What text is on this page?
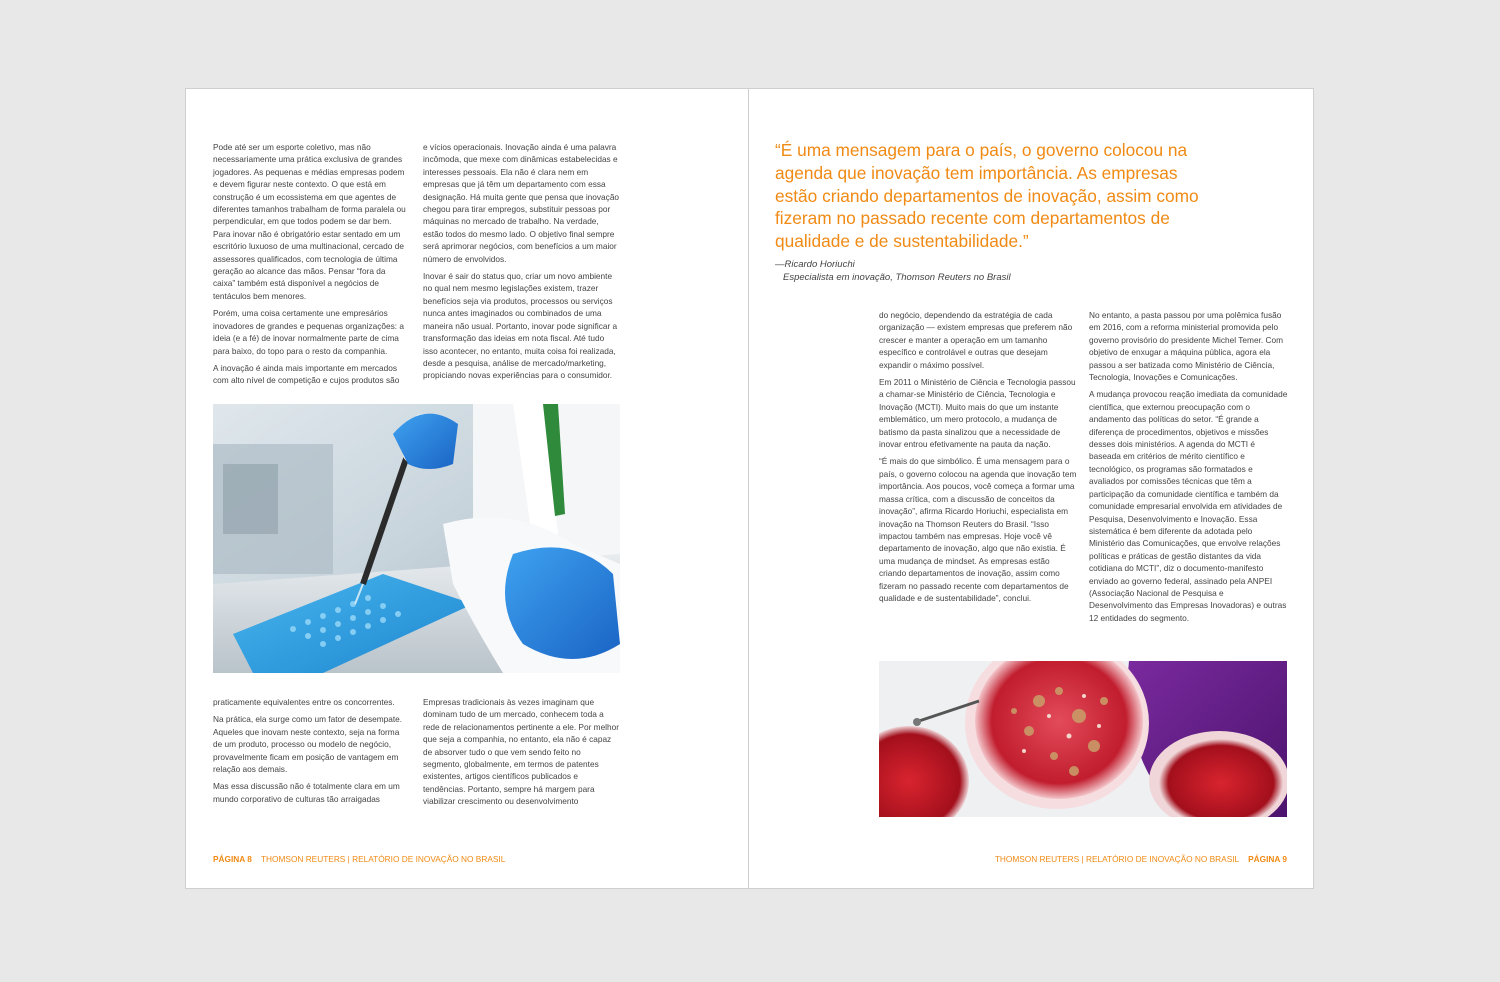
Pode até ser um esporte coletivo, mas não necessariamente uma prática exclusiva de grandes jogadores. As pequenas e médias empresas podem e devem figurar neste contexto. O que está em construção é um ecossistema em que agentes de diferentes tamanhos trabalham de forma paralela ou perpendicular, em que todos podem se dar bem. Para inovar não é obrigatório estar sentado em um escritório luxuoso de uma multinacional, cercado de assessores qualificados, com tecnologia de última geração ao alcance das mãos. Pensar “fora da caixa” também está disponível a negócios de tentáculos bem menores.

Porém, uma coisa certamente une empresários inovadores de grandes e pequenas organizações: a ideia (e a fé) de inovar normalmente parte de cima para baixo, do topo para o resto da companhia.

A inovação é ainda mais importante em mercados com alto nível de competição e cujos produtos são

e vícios operacionais. Inovação ainda é uma palavra incômoda, que mexe com dinâmicas estabelecidas e interesses pessoais. Ela não é clara nem em empresas que já têm um departamento com essa designação. Há muita gente que pensa que inovação chegou para tirar empregos, substituir pessoas por máquinas no mercado de trabalho. Na verdade, estão todos do mesmo lado. O objetivo final sempre será aprimorar negócios, com benefícios a um maior número de envolvidos.

Inovar é sair do status quo, criar um novo ambiente no qual nem mesmo legislações existem, trazer benefícios seja via produtos, processos ou serviços nunca antes imaginados ou combinados de uma maneira não usual. Portanto, inovar pode significar a transformação das ideias em nota fiscal. Até tudo isso acontecer, no entanto, muita coisa foi realizada, desde a pesquisa, análise de mercado/marketing, propiciando novas experiências para o consumidor.

praticamente equivalentes entre os concorrentes.

Na prática, ela surge como um fator de desempate. Aqueles que inovam neste contexto, seja na forma de um produto, processo ou modelo de negócio, provavelmente ficam em posição de vantagem em relação aos demais.

Mas essa discussão não é totalmente clara em um mundo corporativo de culturas tão arraigadas

Empresas tradicionais às vezes imaginam que dominam tudo de um mercado, conhecem toda a rede de relacionamentos pertinente a ele. Por melhor que seja a companhia, no entanto, ela não é capaz de absorver tudo o que vem sendo feito no segmento, globalmente, em termos de patentes existentes, artigos científicos publicados e tendências. Portanto, sempre há margem para viabilizar crescimento ou desenvolvimento

PÁGINA 8 THOMSON REUTERS | RELATÓRIO DE INOVAÇÃO NO BRASIL

“É uma mensagem para o país, o governo colocou na agenda que inovação tem importância. As empresas estão criando departamentos de inovação, assim como fizeram no passado recente com departamentos de qualidade e de sustentabilidade.”

—Ricardo Horiuchi
Especialista em inovação, Thomson Reuters no Brasil

do negócio, dependendo da estratégia de cada organização — existem empresas que preferem não crescer e manter a operação em um tamanho específico e controlável e outras que desejam expandir o máximo possível.

Em 2011 o Ministério de Ciência e Tecnologia passou a chamar-se Ministério de Ciência, Tecnologia e Inovação (MCTI). Muito mais do que um instante emblemático, um mero protocolo, a mudança de batismo da pasta sinalizou que a necessidade de inovar entrou efetivamente na pauta da nação.

“É mais do que simbólico. É uma mensagem para o país, o governo colocou na agenda que inovação tem importância. Aos poucos, você começa a formar uma massa crítica, com a discussão de conceitos da inovação”, afirma Ricardo Horiuchi, especialista em inovação na Thomson Reuters do Brasil. “Isso impactou também nas empresas. Hoje você vê departamento de inovação, algo que não existia. É uma mudança de mindset. As empresas estão criando departamentos de inovação, assim como fizeram no passado recente com departamentos de qualidade e de sustentabilidade”, conclui.

No entanto, a pasta passou por uma polêmica fusão em 2016, com a reforma ministerial promovida pelo governo provisório do presidente Michel Temer. Com objetivo de enxugar a máquina pública, agora ela passou a ser batizada como Ministério de Ciência, Tecnologia, Inovações e Comunicações.

A mudança provocou reação imediata da comunidade científica, que externou preocupação com o andamento das políticas do setor. “É grande a diferença de procedimentos, objetivos e missões desses dois ministérios. A agenda do MCTI é baseada em critérios de mérito científico e tecnológico, os programas são formatados e avaliados por comissões técnicas que têm a participação da comunidade científica e também da comunidade empresarial envolvida em atividades de Pesquisa, Desenvolvimento e Inovação. Essa sistemática é bem diferente da adotada pelo Ministério das Comunicações, que envolve relações políticas e práticas de gestão distantes da vida cotidiana do MCTI”, diz o documento-manifesto enviado ao governo federal, assinado pela ANPEI (Associação Nacional de Pesquisa e Desenvolvimento das Empresas Inovadoras) e outras 12 entidades do segmento.

THOMSON REUTERS | RELATÓRIO DE INOVAÇÃO NO BRASIL PÁGINA 9
